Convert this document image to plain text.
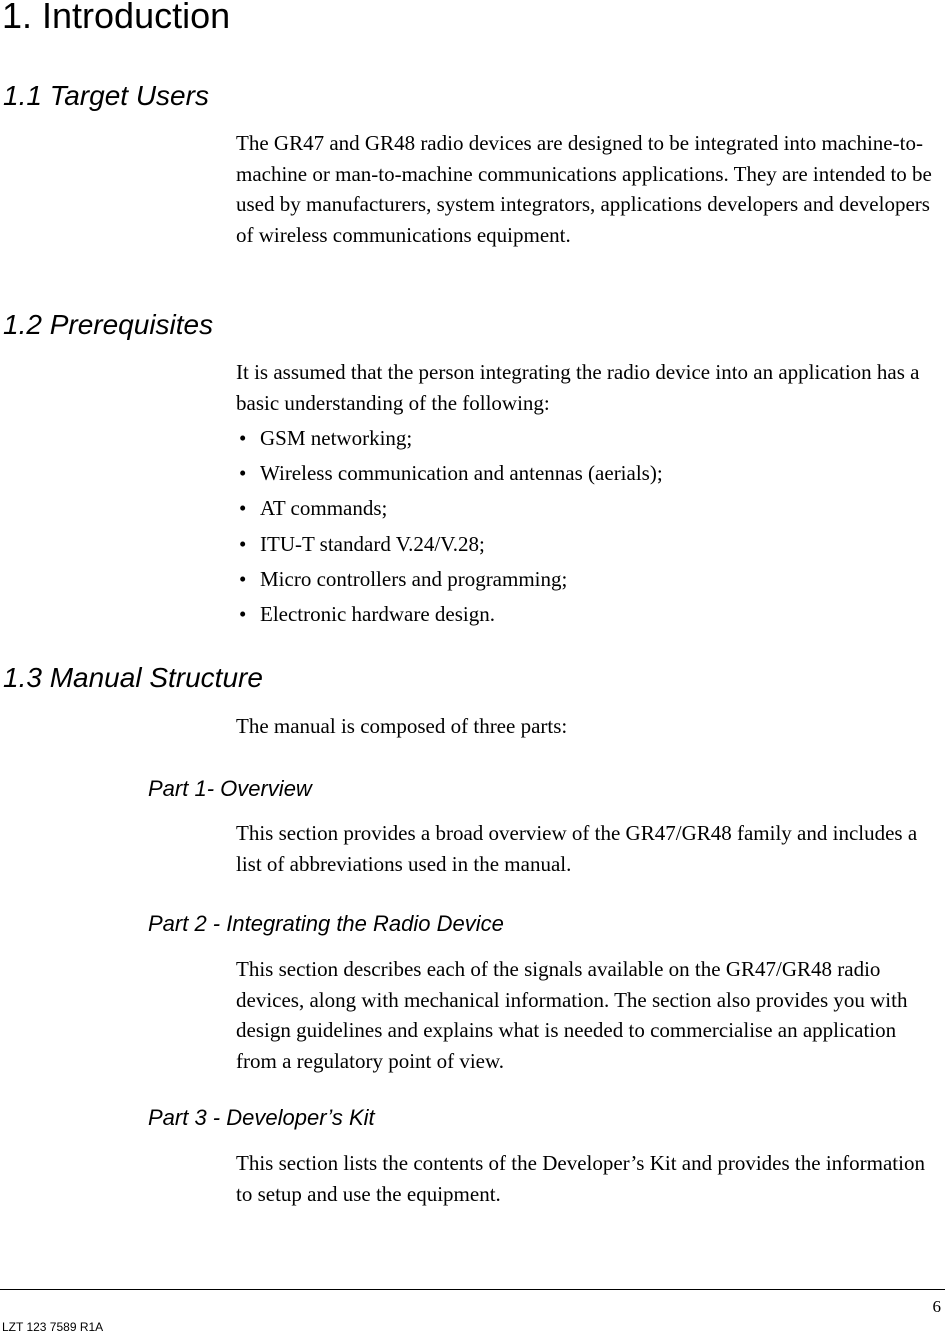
1. Introduction
1.1 Target Users

The GR47 and GR48 radio devices are designed to be integrated into machine-to-machine or man-to-machine communications applications. They are intended to be used by manufacturers, system integrators, applications developers and developers of wireless communications equipment.

1.2 Prerequisites

It is assumed that the person integrating the radio device into an application has a basic understanding of the following:

• GSM networking;
• Wireless communication and antennas (aerials);
• AT commands;
• ITU-T standard V.24/V.28;
• Micro controllers and programming;
• Electronic hardware design.
1.3 Manual Structure

The manual is composed of three parts:

Part 1- Overview

This section provides a broad overview of the GR47/GR48 family and includes a list of abbreviations used in the manual.

Part 2 - Integrating the Radio Device

This section describes each of the signals available on the GR47/GR48 radio devices, along with mechanical information. The section also provides you with design guidelines and explains what is needed to commercialise an application from a regulatory point of view.

Part 3 - Developer’s Kit

This section lists the contents of the Developer’s Kit and provides the information to setup and use the equipment.

6
LZT 123 7589 R1A
